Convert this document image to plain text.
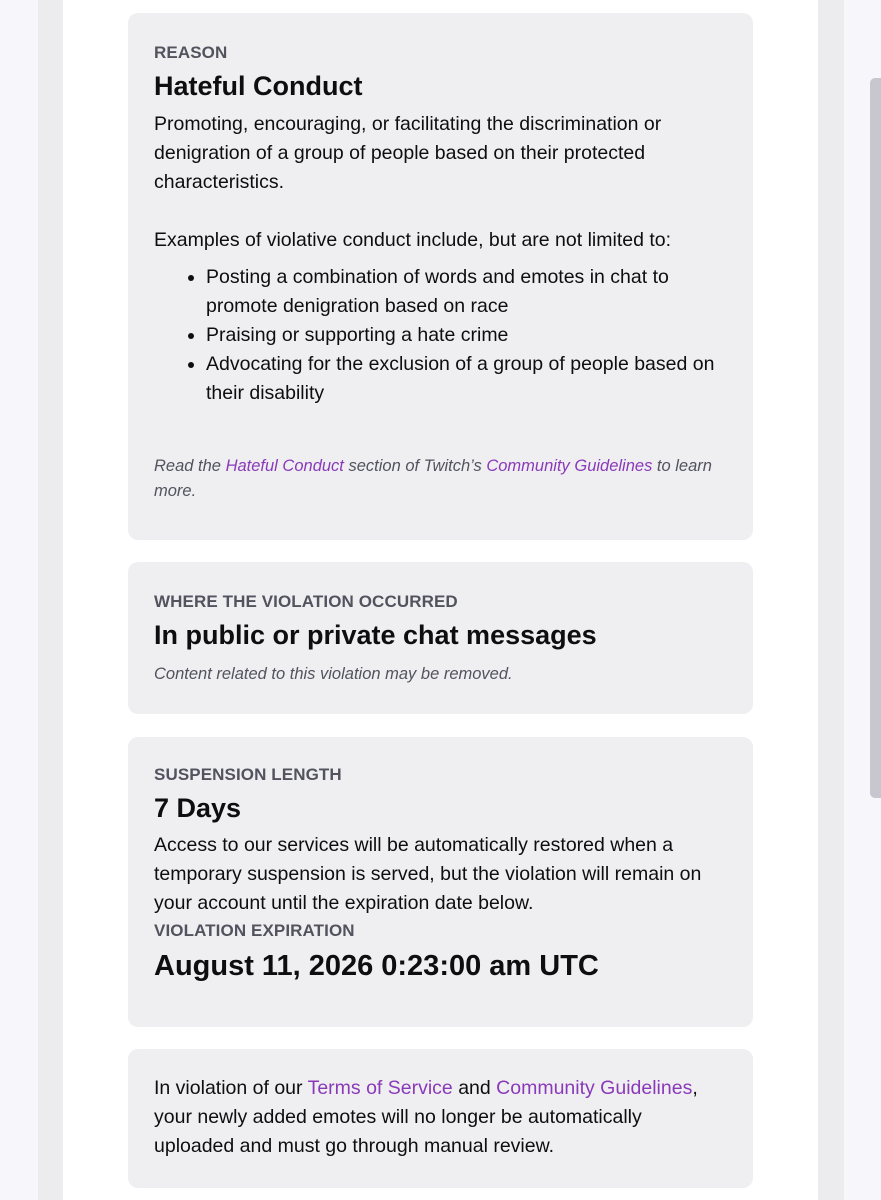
REASON

Hateful Conduct

Promoting, encouraging, or facilitating the discrimination or denigration of a group of people based on their protected characteristics.

Examples of violative conduct include, but are not limited to:

• Posting a combination of words and emotes in chat to promote denigration based on race
• Praising or supporting a hate crime
• Advocating for the exclusion of a group of people based on their disability

Read the Hateful Conduct section of Twitch’s Community Guidelines to learn more.

WHERE THE VIOLATION OCCURRED

In public or private chat messages

Content related to this violation may be removed.

SUSPENSION LENGTH

7 Days

Access to our services will be automatically restored when a temporary suspension is served, but the violation will remain on your account until the expiration date below.

VIOLATION EXPIRATION

August 11, 2026 0:23:00 am UTC

In violation of our Terms of Service and Community Guidelines, your newly added emotes will no longer be automatically uploaded and must go through manual review.
